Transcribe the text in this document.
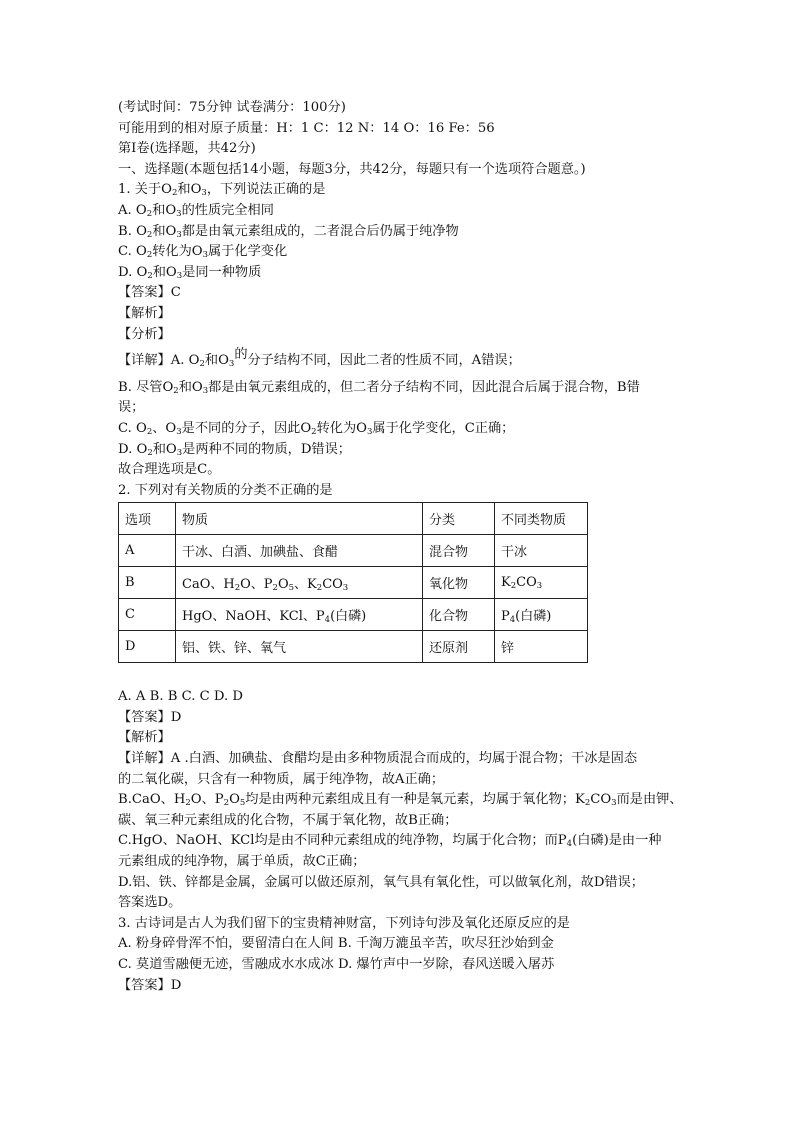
(考试时间：75分钟 试卷满分：100分)
可能用到的相对原子质量：H：1 C：12 N：14 O：16 Fe：56
第Ⅰ卷(选择题，共42分)
一、选择题(本题包括14小题，每题3分，共42分，每题只有一个选项符合题意。)
1. 关于$O_2$和$O_3$，下列说法正确的是
A. $O_2$和$O_3$的性质完全相同
B. $O_2$和$O_3$都是由氧元素组成的，二者混合后仍属于纯净物
C. $O_2$转化为$O_3$属于化学变化
D. $O_2$和$O_3$是同一种物质
【答案】C
【解析】
【分析】
【详解】A. $O_2$和$O_3$的分子结构不同，因此二者的性质不同，A错误；
B. 尽管$O_2$和$O_3$都是由氧元素组成的，但二者分子结构不同，因此混合后属于混合物，B错
误；
C. $O_2$、$O_3$是不同的分子，因此$O_2$转化为$O_3$属于化学变化，C正确；
D. $O_2$和$O_3$是两种不同的物质，D错误；
故合理选项是C。
2. 下列对有关物质的分类不正确的是
选项	物质	分类	不同类物质
A	干冰、白酒、加碘盐、食醋	混合物	干冰
B	CaO、$H_2O$、$P_2O_5$、$K_2CO_3$	氧化物	$K_2CO_3$
C	HgO、NaOH、KCl、$P_4$(白磷)	化合物	$P_4$(白磷)
D	铝、铁、锌、氧气	还原剂	锌
A. A B. B C. C D. D
【答案】D
【解析】
【详解】A .白酒、加碘盐、食醋均是由多种物质混合而成的，均属于混合物；干冰是固态
的二氧化碳，只含有一种物质，属于纯净物，故A正确；
B.CaO、$H_2O$、$P_2O_5$均是由两种元素组成且有一种是氧元素，均属于氧化物；$K_2CO_3$而是由钾、
碳、氧三种元素组成的化合物，不属于氧化物，故B正确；
C.HgO、NaOH、KCl均是由不同种元素组成的纯净物，均属于化合物；而$P_4$(白磷)是由一种
元素组成的纯净物，属于单质，故C正确；
D.铝、铁、锌都是金属，金属可以做还原剂，氧气具有氧化性，可以做氧化剂，故D错误；
答案选D。
3. 古诗词是古人为我们留下的宝贵精神财富，下列诗句涉及氧化还原反应的是
A. 粉身碎骨浑不怕，要留清白在人间 B. 千淘万漉虽辛苦，吹尽狂沙始到金
C. 莫道雪融便无迹，雪融成水水成冰 D. 爆竹声中一岁除，春风送暖入屠苏
【答案】D
